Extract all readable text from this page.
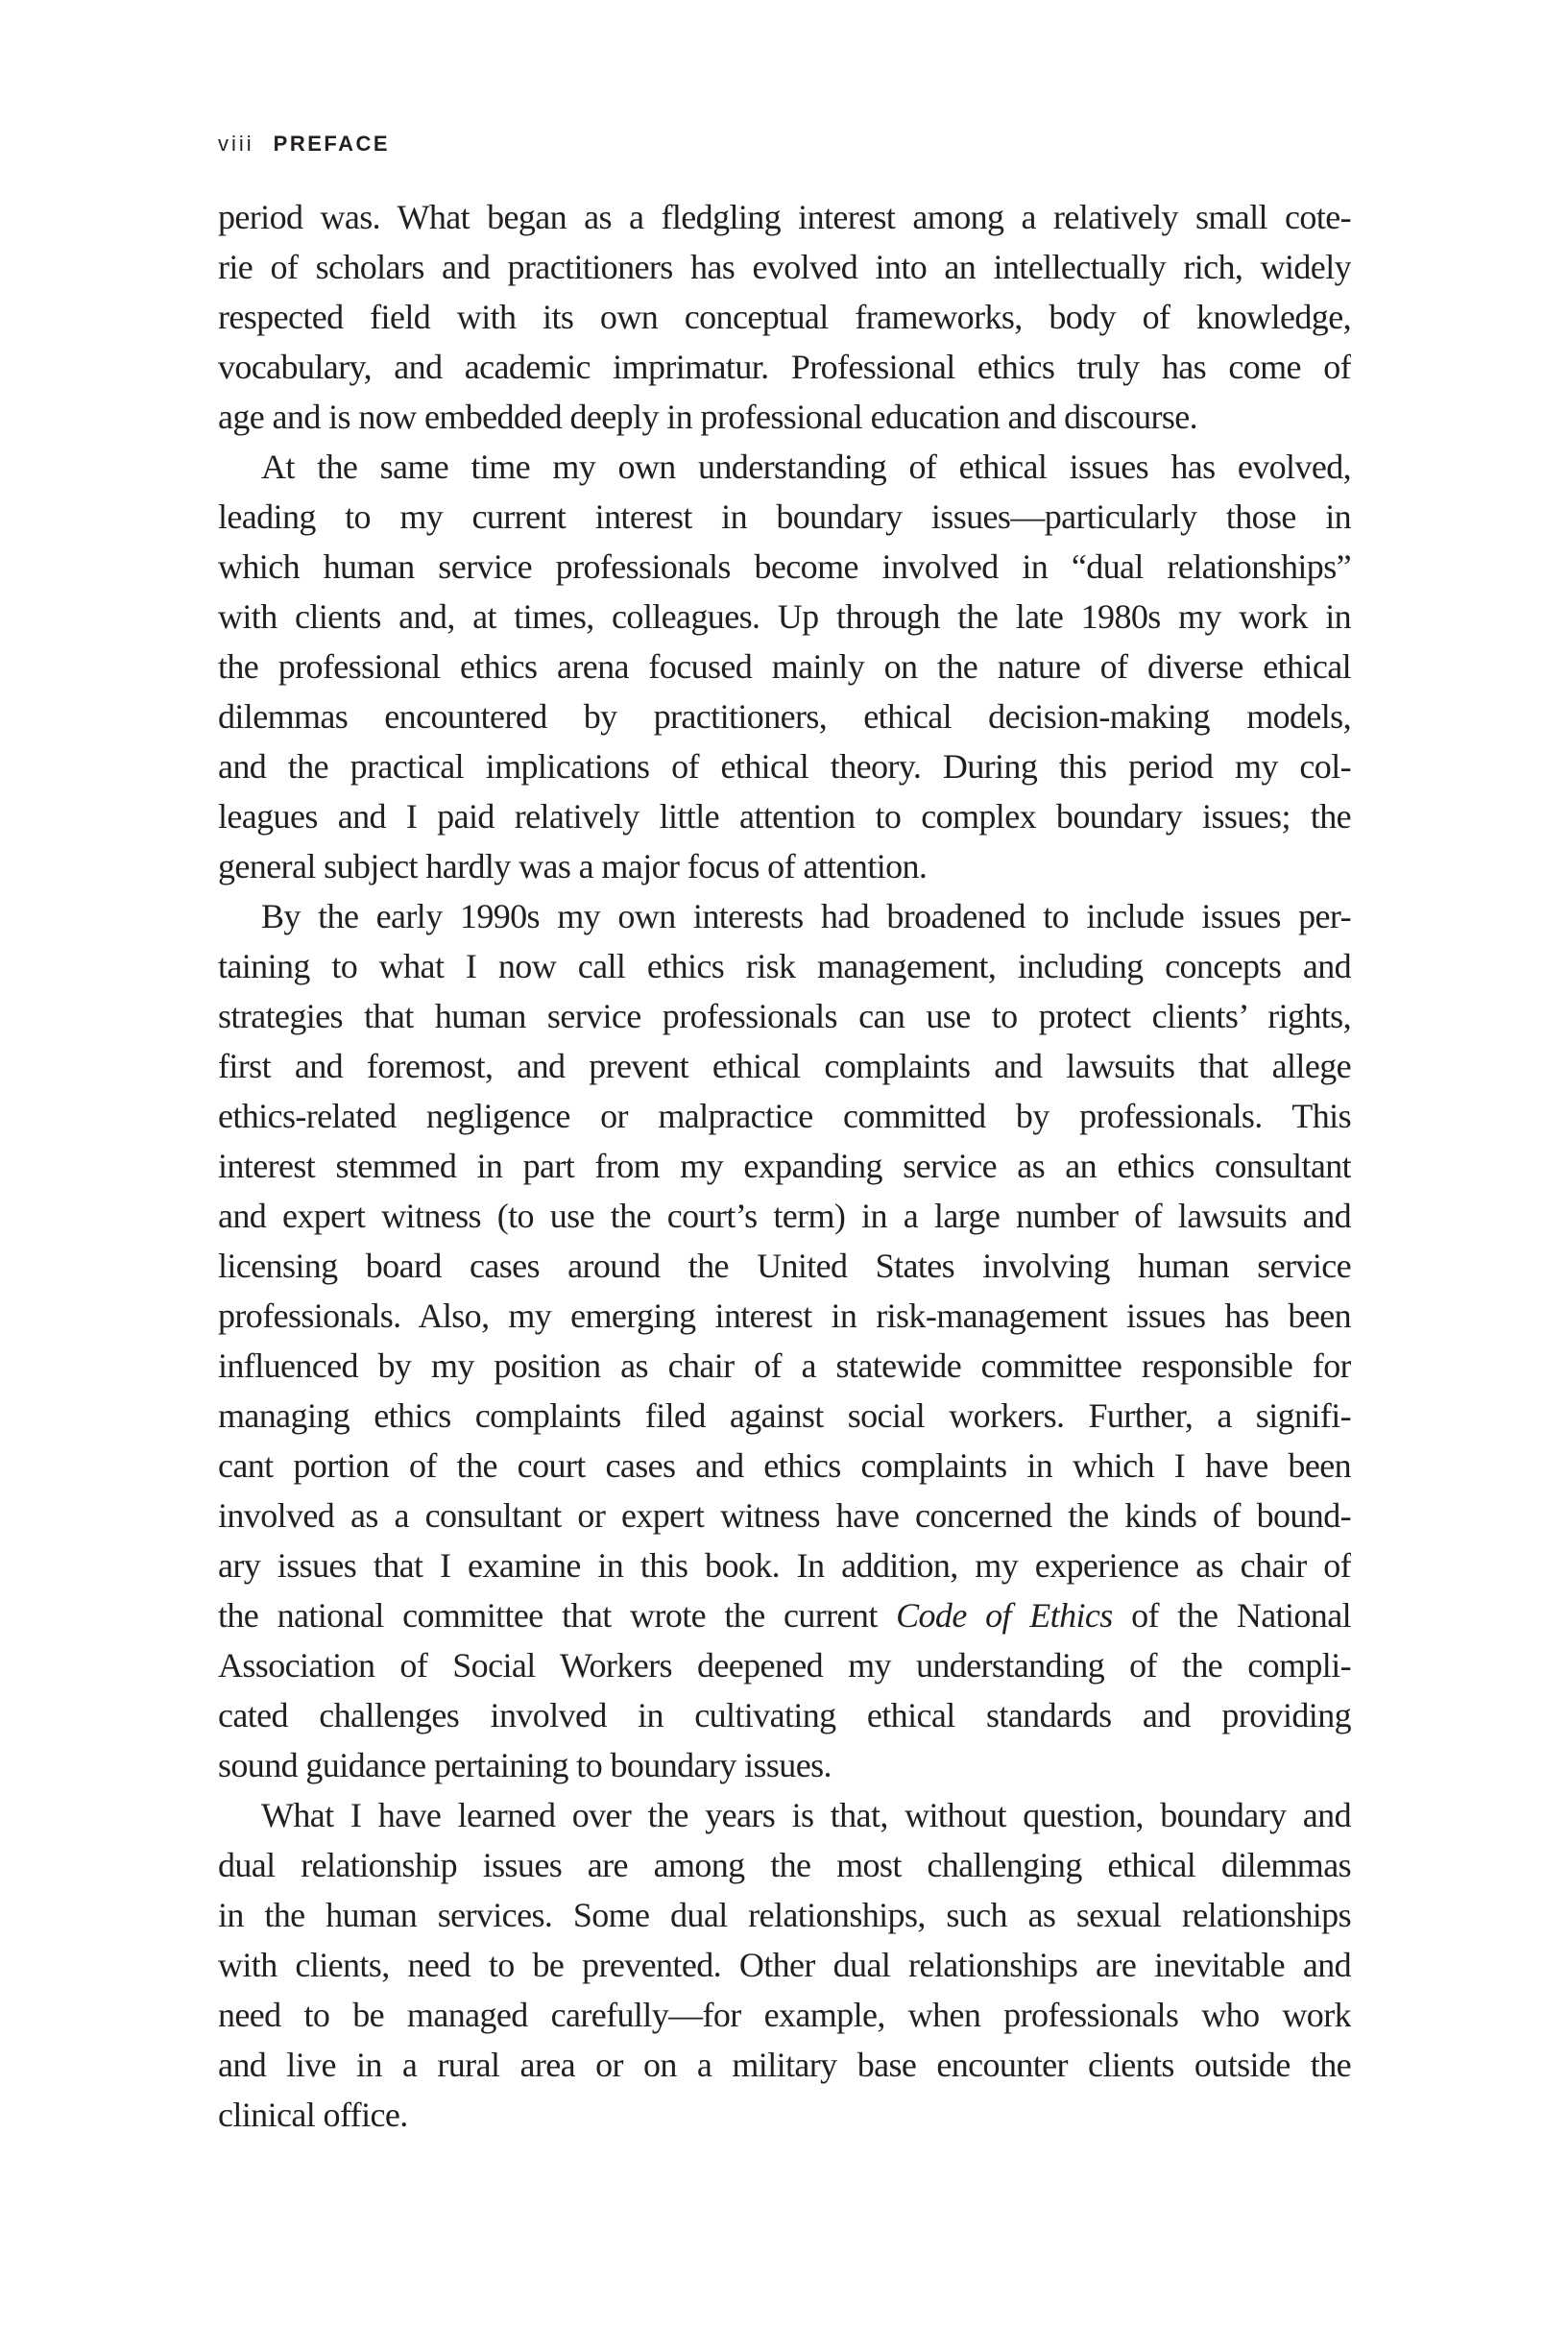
viii PREFACE
period was. What began as a fledgling interest among a relatively small cote-
rie of scholars and practitioners has evolved into an intellectually rich, widely
respected field with its own conceptual frameworks, body of knowledge,
vocabulary, and academic imprimatur. Professional ethics truly has come of
age and is now embedded deeply in professional education and discourse.
At the same time my own understanding of ethical issues has evolved,
leading to my current interest in boundary issues—particularly those in
which human service professionals become involved in “dual relationships”
with clients and, at times, colleagues. Up through the late 1980s my work in
the professional ethics arena focused mainly on the nature of diverse ethical
dilemmas encountered by practitioners, ethical decision-making models,
and the practical implications of ethical theory. During this period my col-
leagues and I paid relatively little attention to complex boundary issues; the
general subject hardly was a major focus of attention.
By the early 1990s my own interests had broadened to include issues per-
taining to what I now call ethics risk management, including concepts and
strategies that human service professionals can use to protect clients’ rights,
first and foremost, and prevent ethical complaints and lawsuits that allege
ethics-related negligence or malpractice committed by professionals. This
interest stemmed in part from my expanding service as an ethics consultant
and expert witness (to use the court’s term) in a large number of lawsuits and
licensing board cases around the United States involving human service
professionals. Also, my emerging interest in risk-management issues has been
influenced by my position as chair of a statewide committee responsible for
managing ethics complaints filed against social workers. Further, a signifi-
cant portion of the court cases and ethics complaints in which I have been
involved as a consultant or expert witness have concerned the kinds of bound-
ary issues that I examine in this book. In addition, my experience as chair of
the national committee that wrote the current Code of Ethics of the National
Association of Social Workers deepened my understanding of the compli-
cated challenges involved in cultivating ethical standards and providing
sound guidance pertaining to boundary issues.
What I have learned over the years is that, without question, boundary and
dual relationship issues are among the most challenging ethical dilemmas
in the human services. Some dual relationships, such as sexual relationships
with clients, need to be prevented. Other dual relationships are inevitable and
need to be managed carefully—for example, when professionals who work
and live in a rural area or on a military base encounter clients outside the
clinical office.
